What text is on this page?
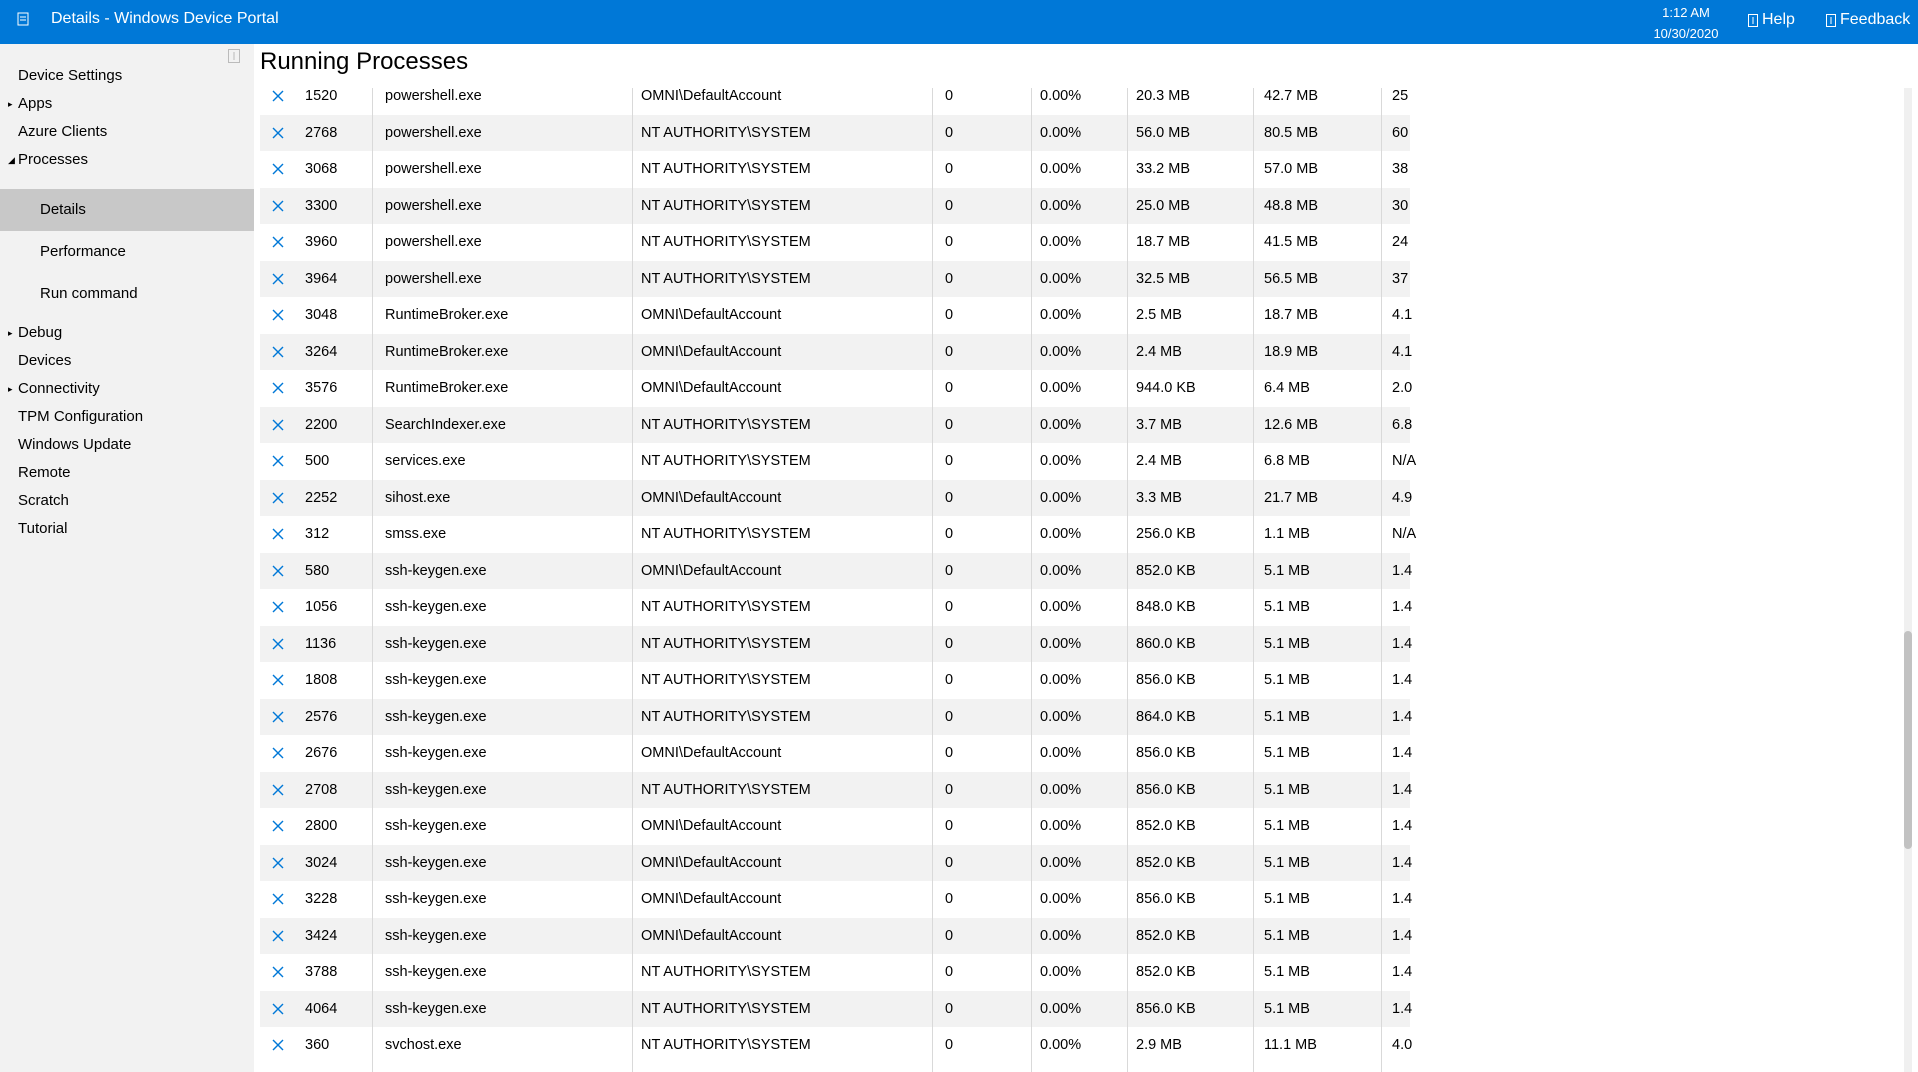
Details - Windows Device Portal	1:12 AM
10/30/2020
Help	Feedback
Device Settings
▸ Apps
Azure Clients
◢ Processes
Details
Performance
Run command
▸ Debug
Devices
▸ Connectivity
TPM Configuration
Windows Update
Remote
Scratch
Tutorial
Running Processes
1520	powershell.exe	OMNI\DefaultAccount	0	0.00%	20.3 MB	42.7 MB	25
2768	powershell.exe	NT AUTHORITY\SYSTEM	0	0.00%	56.0 MB	80.5 MB	60
3068	powershell.exe	NT AUTHORITY\SYSTEM	0	0.00%	33.2 MB	57.0 MB	38
3300	powershell.exe	NT AUTHORITY\SYSTEM	0	0.00%	25.0 MB	48.8 MB	30
3960	powershell.exe	NT AUTHORITY\SYSTEM	0	0.00%	18.7 MB	41.5 MB	24
3964	powershell.exe	NT AUTHORITY\SYSTEM	0	0.00%	32.5 MB	56.5 MB	37
3048	RuntimeBroker.exe	OMNI\DefaultAccount	0	0.00%	2.5 MB	18.7 MB	4.1
3264	RuntimeBroker.exe	OMNI\DefaultAccount	0	0.00%	2.4 MB	18.9 MB	4.1
3576	RuntimeBroker.exe	OMNI\DefaultAccount	0	0.00%	944.0 KB	6.4 MB	2.0
2200	SearchIndexer.exe	NT AUTHORITY\SYSTEM	0	0.00%	3.7 MB	12.6 MB	6.8
500	services.exe	NT AUTHORITY\SYSTEM	0	0.00%	2.4 MB	6.8 MB	N/A
2252	sihost.exe	OMNI\DefaultAccount	0	0.00%	3.3 MB	21.7 MB	4.9
312	smss.exe	NT AUTHORITY\SYSTEM	0	0.00%	256.0 KB	1.1 MB	N/A
580	ssh-keygen.exe	OMNI\DefaultAccount	0	0.00%	852.0 KB	5.1 MB	1.4
1056	ssh-keygen.exe	NT AUTHORITY\SYSTEM	0	0.00%	848.0 KB	5.1 MB	1.4
1136	ssh-keygen.exe	NT AUTHORITY\SYSTEM	0	0.00%	860.0 KB	5.1 MB	1.4
1808	ssh-keygen.exe	NT AUTHORITY\SYSTEM	0	0.00%	856.0 KB	5.1 MB	1.4
2576	ssh-keygen.exe	NT AUTHORITY\SYSTEM	0	0.00%	864.0 KB	5.1 MB	1.4
2676	ssh-keygen.exe	OMNI\DefaultAccount	0	0.00%	856.0 KB	5.1 MB	1.4
2708	ssh-keygen.exe	NT AUTHORITY\SYSTEM	0	0.00%	856.0 KB	5.1 MB	1.4
2800	ssh-keygen.exe	OMNI\DefaultAccount	0	0.00%	852.0 KB	5.1 MB	1.4
3024	ssh-keygen.exe	OMNI\DefaultAccount	0	0.00%	852.0 KB	5.1 MB	1.4
3228	ssh-keygen.exe	OMNI\DefaultAccount	0	0.00%	856.0 KB	5.1 MB	1.4
3424	ssh-keygen.exe	OMNI\DefaultAccount	0	0.00%	852.0 KB	5.1 MB	1.4
3788	ssh-keygen.exe	NT AUTHORITY\SYSTEM	0	0.00%	852.0 KB	5.1 MB	1.4
4064	ssh-keygen.exe	NT AUTHORITY\SYSTEM	0	0.00%	856.0 KB	5.1 MB	1.4
360	svchost.exe	NT AUTHORITY\SYSTEM	0	0.00%	2.9 MB	11.1 MB	4.0
